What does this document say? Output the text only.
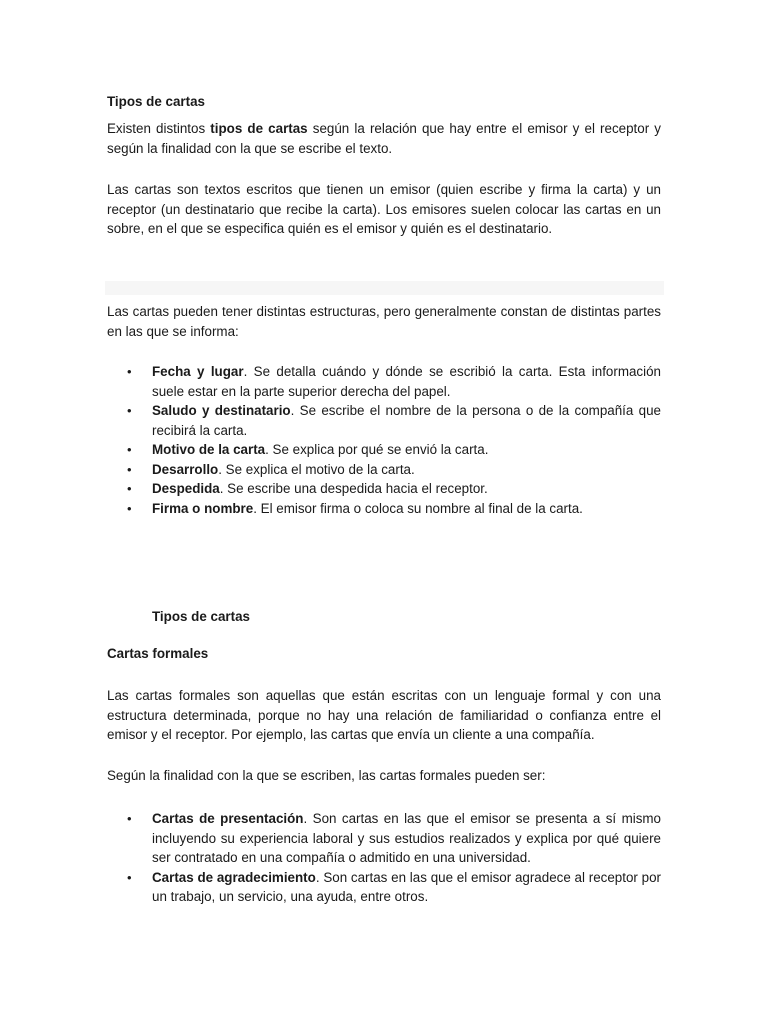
Tipos de cartas

Existen distintos tipos de cartas según la relación que hay entre el emisor y el receptor y según la finalidad con la que se escribe el texto.

Las cartas son textos escritos que tienen un emisor (quien escribe y firma la carta) y un receptor (un destinatario que recibe la carta). Los emisores suelen colocar las cartas en un sobre, en el que se especifica quién es el emisor y quién es el destinatario.

Las cartas pueden tener distintas estructuras, pero generalmente constan de distintas partes en las que se informa:

• Fecha y lugar. Se detalla cuándo y dónde se escribió la carta. Esta información suele estar en la parte superior derecha del papel.
• Saludo y destinatario. Se escribe el nombre de la persona o de la compañía que recibirá la carta.
• Motivo de la carta. Se explica por qué se envió la carta.
• Desarrollo. Se explica el motivo de la carta.
• Despedida. Se escribe una despedida hacia el receptor.
• Firma o nombre. El emisor firma o coloca su nombre al final de la carta.

Tipos de cartas

Cartas formales

Las cartas formales son aquellas que están escritas con un lenguaje formal y con una estructura determinada, porque no hay una relación de familiaridad o confianza entre el emisor y el receptor. Por ejemplo, las cartas que envía un cliente a una compañía.

Según la finalidad con la que se escriben, las cartas formales pueden ser:

• Cartas de presentación. Son cartas en las que el emisor se presenta a sí mismo incluyendo su experiencia laboral y sus estudios realizados y explica por qué quiere ser contratado en una compañía o admitido en una universidad.
• Cartas de agradecimiento. Son cartas en las que el emisor agradece al receptor por un trabajo, un servicio, una ayuda, entre otros.
